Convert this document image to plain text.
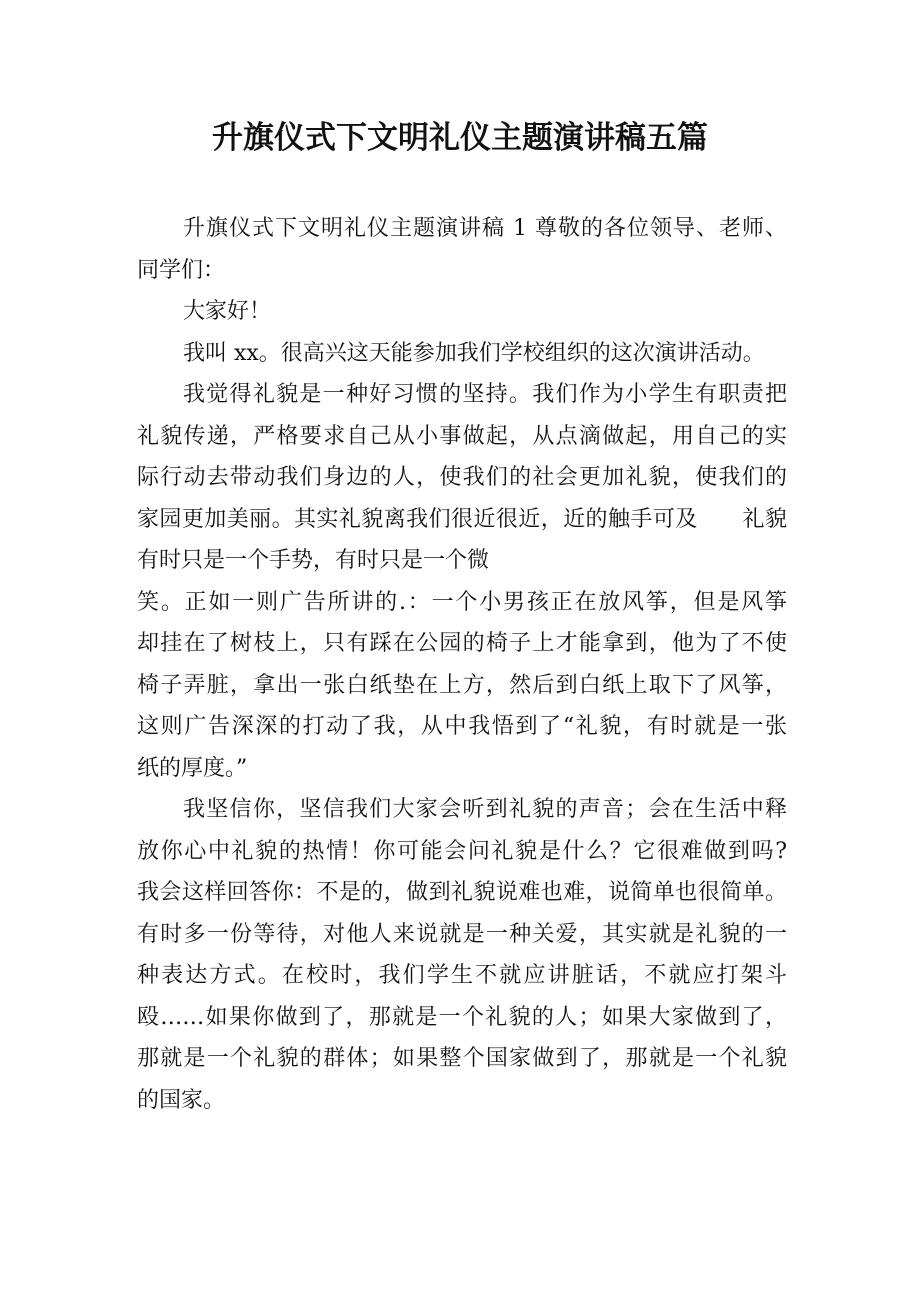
升旗仪式下文明礼仪主题演讲稿五篇
升旗仪式下文明礼仪主题演讲稿 1 尊敬的各位领导、老师、
同学们：
大家好！
我叫 xx。很高兴这天能参加我们学校组织的这次演讲活动。
我觉得礼貌是一种好习惯的坚持。我们作为小学生有职责把
礼貌传递，严格要求自己从小事做起，从点滴做起，用自己的实
际行动去带动我们身边的人，使我们的社会更加礼貌，使我们的
家园更加美丽。其实礼貌离我们很近很近，近的触手可及　　礼貌
有时只是一个手势，有时只是一个微
笑。正如一则广告所讲的.：一个小男孩正在放风筝，但是风筝
却挂在了树枝上，只有踩在公园的椅子上才能拿到，他为了不使
椅子弄脏，拿出一张白纸垫在上方，然后到白纸上取下了风筝，
这则广告深深的打动了我，从中我悟到了“礼貌，有时就是一张
纸的厚度。”
我坚信你，坚信我们大家会听到礼貌的声音；会在生活中释
放你心中礼貌的热情！你可能会问礼貌是什么？它很难做到吗?
我会这样回答你：不是的，做到礼貌说难也难，说简单也很简单。
有时多一份等待，对他人来说就是一种关爱，其实就是礼貌的一
种表达方式。在校时，我们学生不就应讲脏话，不就应打架斗
殴……如果你做到了，那就是一个礼貌的人；如果大家做到了，
那就是一个礼貌的群体；如果整个国家做到了，那就是一个礼貌
的国家。
